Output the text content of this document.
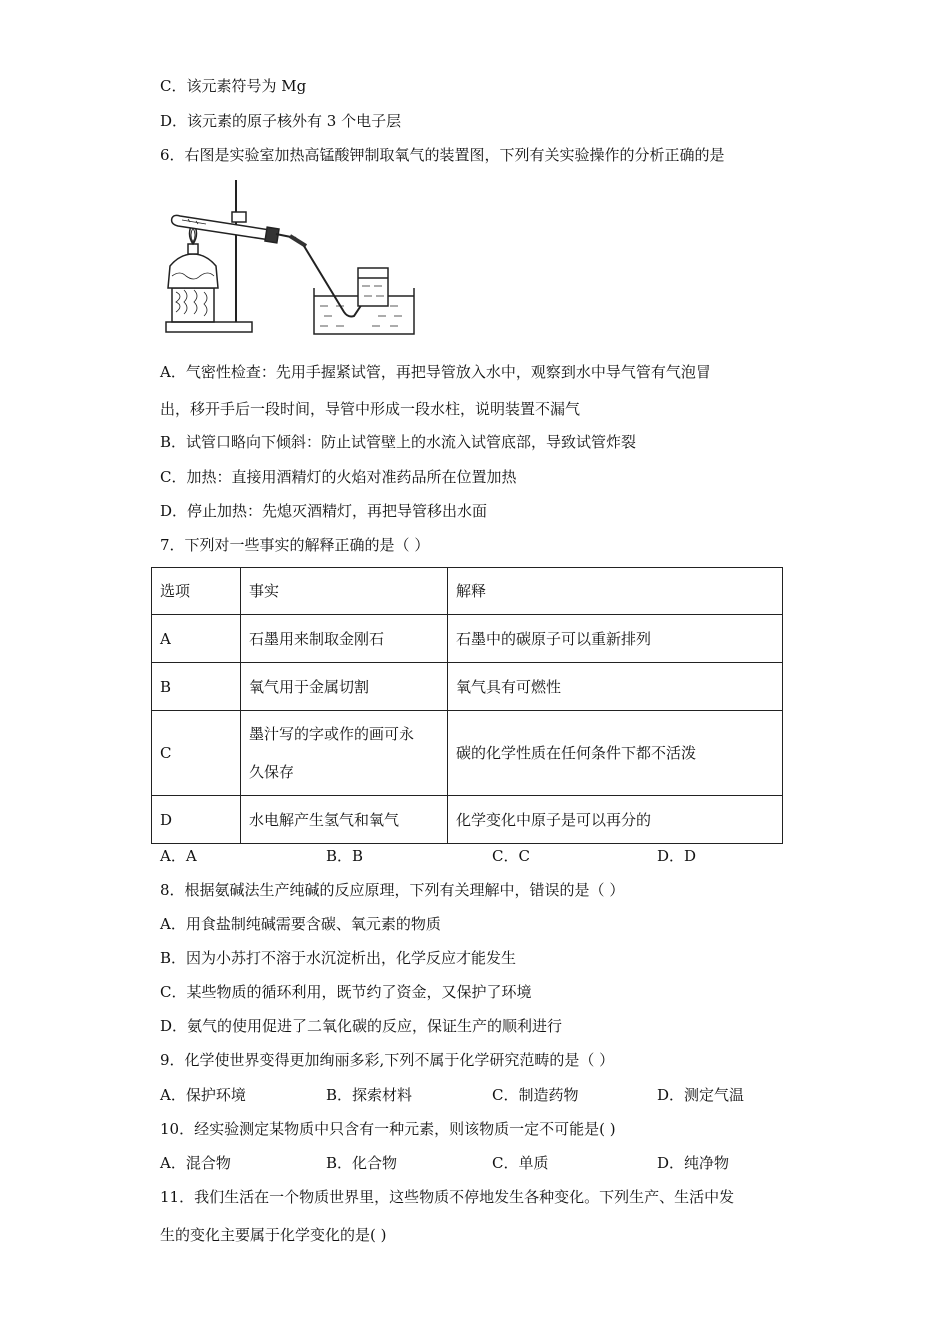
C．该元素符号为 Mg
D．该元素的原子核外有 3 个电子层
6．右图是实验室加热高锰酸钾制取氧气的装置图，下列有关实验操作的分析正确的是
A．气密性检查：先用手握紧试管，再把导管放入水中，观察到水中导气管有气泡冒
出，移开手后一段时间，导管中形成一段水柱，说明装置不漏气
B．试管口略向下倾斜：防止试管壁上的水流入试管底部，导致试管炸裂
C．加热：直接用酒精灯的火焰对准药品所在位置加热
D．停止加热：先熄灭酒精灯，再把导管移出水面
7．下列对一些事实的解释正确的是（ ）
选项	事实	解释
A	石墨用来制取金刚石	石墨中的碳原子可以重新排列
B	氧气用于金属切割	氧气具有可燃性
C	墨汁写的字或作的画可永
久保存	碳的化学性质在任何条件下都不活泼
D	水电解产生氢气和氧气	化学变化中原子是可以再分的
A．A	B．B	C．C	D．D
8．根据氨碱法生产纯碱的反应原理，下列有关理解中，错误的是（ ）
A．用食盐制纯碱需要含碳、氧元素的物质
B．因为小苏打不溶于水沉淀析出，化学反应才能发生
C．某些物质的循环利用，既节约了资金，又保护了环境
D．氨气的使用促进了二氧化碳的反应，保证生产的顺利进行
9．化学使世界变得更加绚丽多彩,下列不属于化学研究范畴的是（ ）
A．保护环境	B．探索材料	C．制造药物	D．测定气温
10．经实验测定某物质中只含有一种元素，则该物质一定不可能是( )
A．混合物	B．化合物	C．单质	D．纯净物
11．我们生活在一个物质世界里，这些物质不停地发生各种变化。下列生产、生活中发
生的变化主要属于化学变化的是( )
